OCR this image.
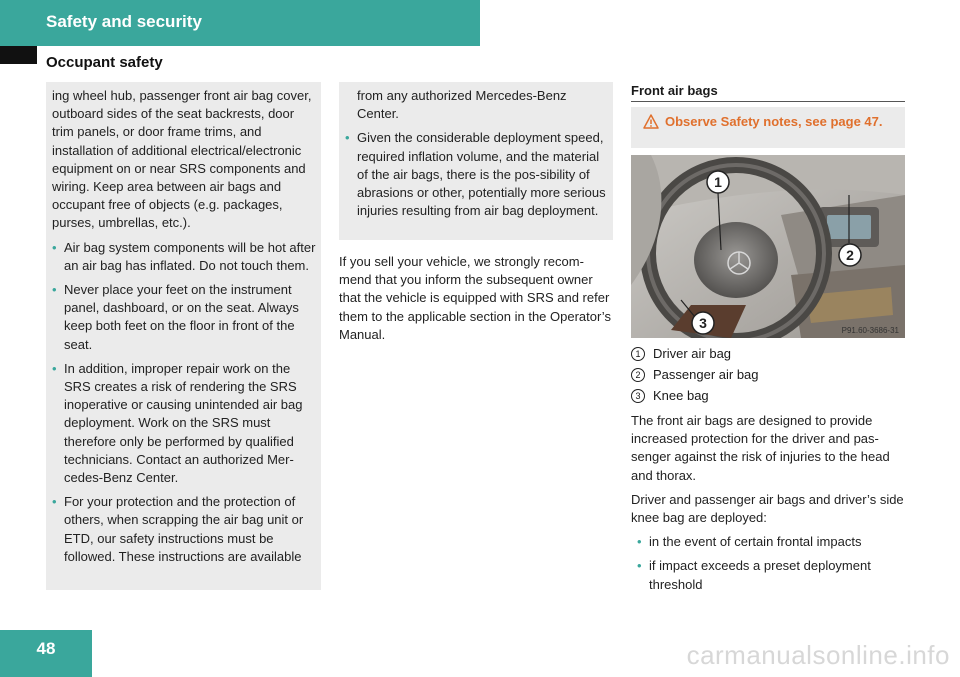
Safety and security
Occupant safety

ing wheel hub, passenger front air bag cover, outboard sides of the seat backrests, door trim panels, or door frame trims, and installation of additional electrical/electronic equipment on or near SRS components and wiring. Keep area between air bags and occupant free of objects (e.g. packages, purses, umbrellas, etc.).

• Air bag system components will be hot after an air bag has inflated. Do not touch them.
• Never place your feet on the instrument panel, dashboard, or on the seat. Always keep both feet on the floor in front of the seat.
• In addition, improper repair work on the SRS creates a risk of rendering the SRS inoperative or causing unintended air bag deployment. Work on the SRS must therefore only be performed by qualified technicians. Contact an authorized Mer-cedes-Benz Center.
• For your protection and the protection of others, when scrapping the air bag unit or ETD, our safety instructions must be followed. These instructions are available

from any authorized Mercedes-Benz Center.

• Given the considerable deployment speed, required inflation volume, and the material of the air bags, there is the pos-sibility of abrasions or other, potentially more serious injuries resulting from air bag deployment.

If you sell your vehicle, we strongly recom-mend that you inform the subsequent owner that the vehicle is equipped with SRS and refer them to the applicable section in the Operator’s Manual.

Front air bags
Observe Safety notes, see page 47.
1
2
3	P91.60-3686-31
1 Driver air bag
2 Passenger air bag
3 Knee bag

The front air bags are designed to provide increased protection for the driver and pas-senger against the risk of injuries to the head and thorax.

Driver and passenger air bags and driver’s side knee bag are deployed:

• in the event of certain frontal impacts
• if impact exceeds a preset deployment threshold
48	carmanualsonline.info
